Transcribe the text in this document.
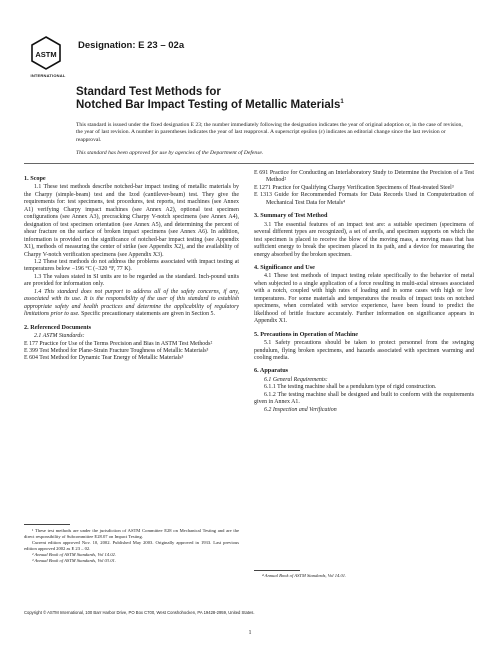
ASTM
INTERNATIONAL
Designation: E 23 – 02a
Standard Test Methods for
Notched Bar Impact Testing of Metallic Materials$^1$
This standard is issued under the fixed designation E 23; the number immediately following the designation indicates the year of original adoption or, in the case of revision, the year of last revision. A number in parentheses indicates the year of last reapproval. A superscript epsilon (ε) indicates an editorial change since the last revision or reapproval.
This standard has been approved for use by agencies of the Department of Defense.

1. Scope

1.1 These test methods describe notched-bar impact testing of metallic materials by the Charpy (simple-beam) test and the Izod (cantilever-beam) test. They give the requirements for: test specimens, test procedures, test reports, test machines (see Annex A1) verifying Charpy impact machines (see Annex A2), optional test specimen configurations (see Annex A3), precracking Charpy V-notch specimens (see Annex A4), designation of test specimen orientation (see Annex A5), and determining the percent of shear fracture on the surface of broken impact specimens (see Annex A6). In addition, information is provided on the significance of notched-bar impact testing (see Appendix X1), methods of measuring the center of strike (see Appendix X2), and the availability of Charpy V-notch verification specimens (see Appendix X3).

1.2 These test methods do not address the problems associated with impact testing at temperatures below −196 °C (−320 °F, 77 K).

1.3 The values stated in SI units are to be regarded as the standard. Inch-pound units are provided for information only.

1.4 This standard does not purport to address all of the safety concerns, if any, associated with its use. It is the responsibility of the user of this standard to establish appropriate safety and health practices and determine the applicability of regulatory limitations prior to use. Specific precautionary statements are given in Section 5.

2. Referenced Documents

2.1 ASTM Standards:

E 177 Practice for Use of the Terms Precision and Bias in ASTM Test Methods²

E 399 Test Method for Plane-Strain Fracture Toughness of Metallic Materials³

E 604 Test Method for Dynamic Tear Energy of Metallic Materials³

¹ These test methods are under the jurisdiction of ASTM Committee E28 on Mechanical Testing and are the direct responsibility of Subcommittee E28.07 on Impact Testing.

Current edition approved Nov. 10, 2002. Published May 2003. Originally approved in 1933. Last previous edition approved 2002 as E 23 – 02.

² Annual Book of ASTM Standards, Vol 14.02.

³ Annual Book of ASTM Standards, Vol 03.01.

E 691 Practice for Conducting an Interlaboratory Study to Determine the Precision of a Test Method²

E 1271 Practice for Qualifying Charpy Verification Specimens of Heat-treated Steel³

E 1313 Guide for Recommended Formats for Data Records Used in Computerization of Mechanical Test Data for Metals⁴

3. Summary of Test Method

3.1 The essential features of an impact test are: a suitable specimen (specimens of several different types are recognized), a set of anvils, and specimen supports on which the test specimen is placed to receive the blow of the moving mass, a moving mass that has sufficient energy to break the specimen placed in its path, and a device for measuring the energy absorbed by the broken specimen.

4. Significance and Use

4.1 These test methods of impact testing relate specifically to the behavior of metal when subjected to a single application of a force resulting in multi-axial stresses associated with a notch, coupled with high rates of loading and in some cases with high or low temperatures. For some materials and temperatures the results of impact tests on notched specimens, when correlated with service experience, have been found to predict the likelihood of brittle fracture accurately. Further information on significance appears in Appendix X1.

5. Precautions in Operation of Machine

5.1 Safety precautions should be taken to protect personnel from the swinging pendulum, flying broken specimens, and hazards associated with specimen warming and cooling media.

6. Apparatus

6.1 General Requirements:

6.1.1 The testing machine shall be a pendulum type of rigid construction.

6.1.2 The testing machine shall be designed and built to conform with the requirements given in Annex A1.

6.2 Inspection and Verification

⁴ Annual Book of ASTM Standards, Vol 14.01.
Copyright © ASTM International, 100 Barr Harbor Drive, PO Box C700, West Conshohocken, PA 19428-2959, United States.
1
